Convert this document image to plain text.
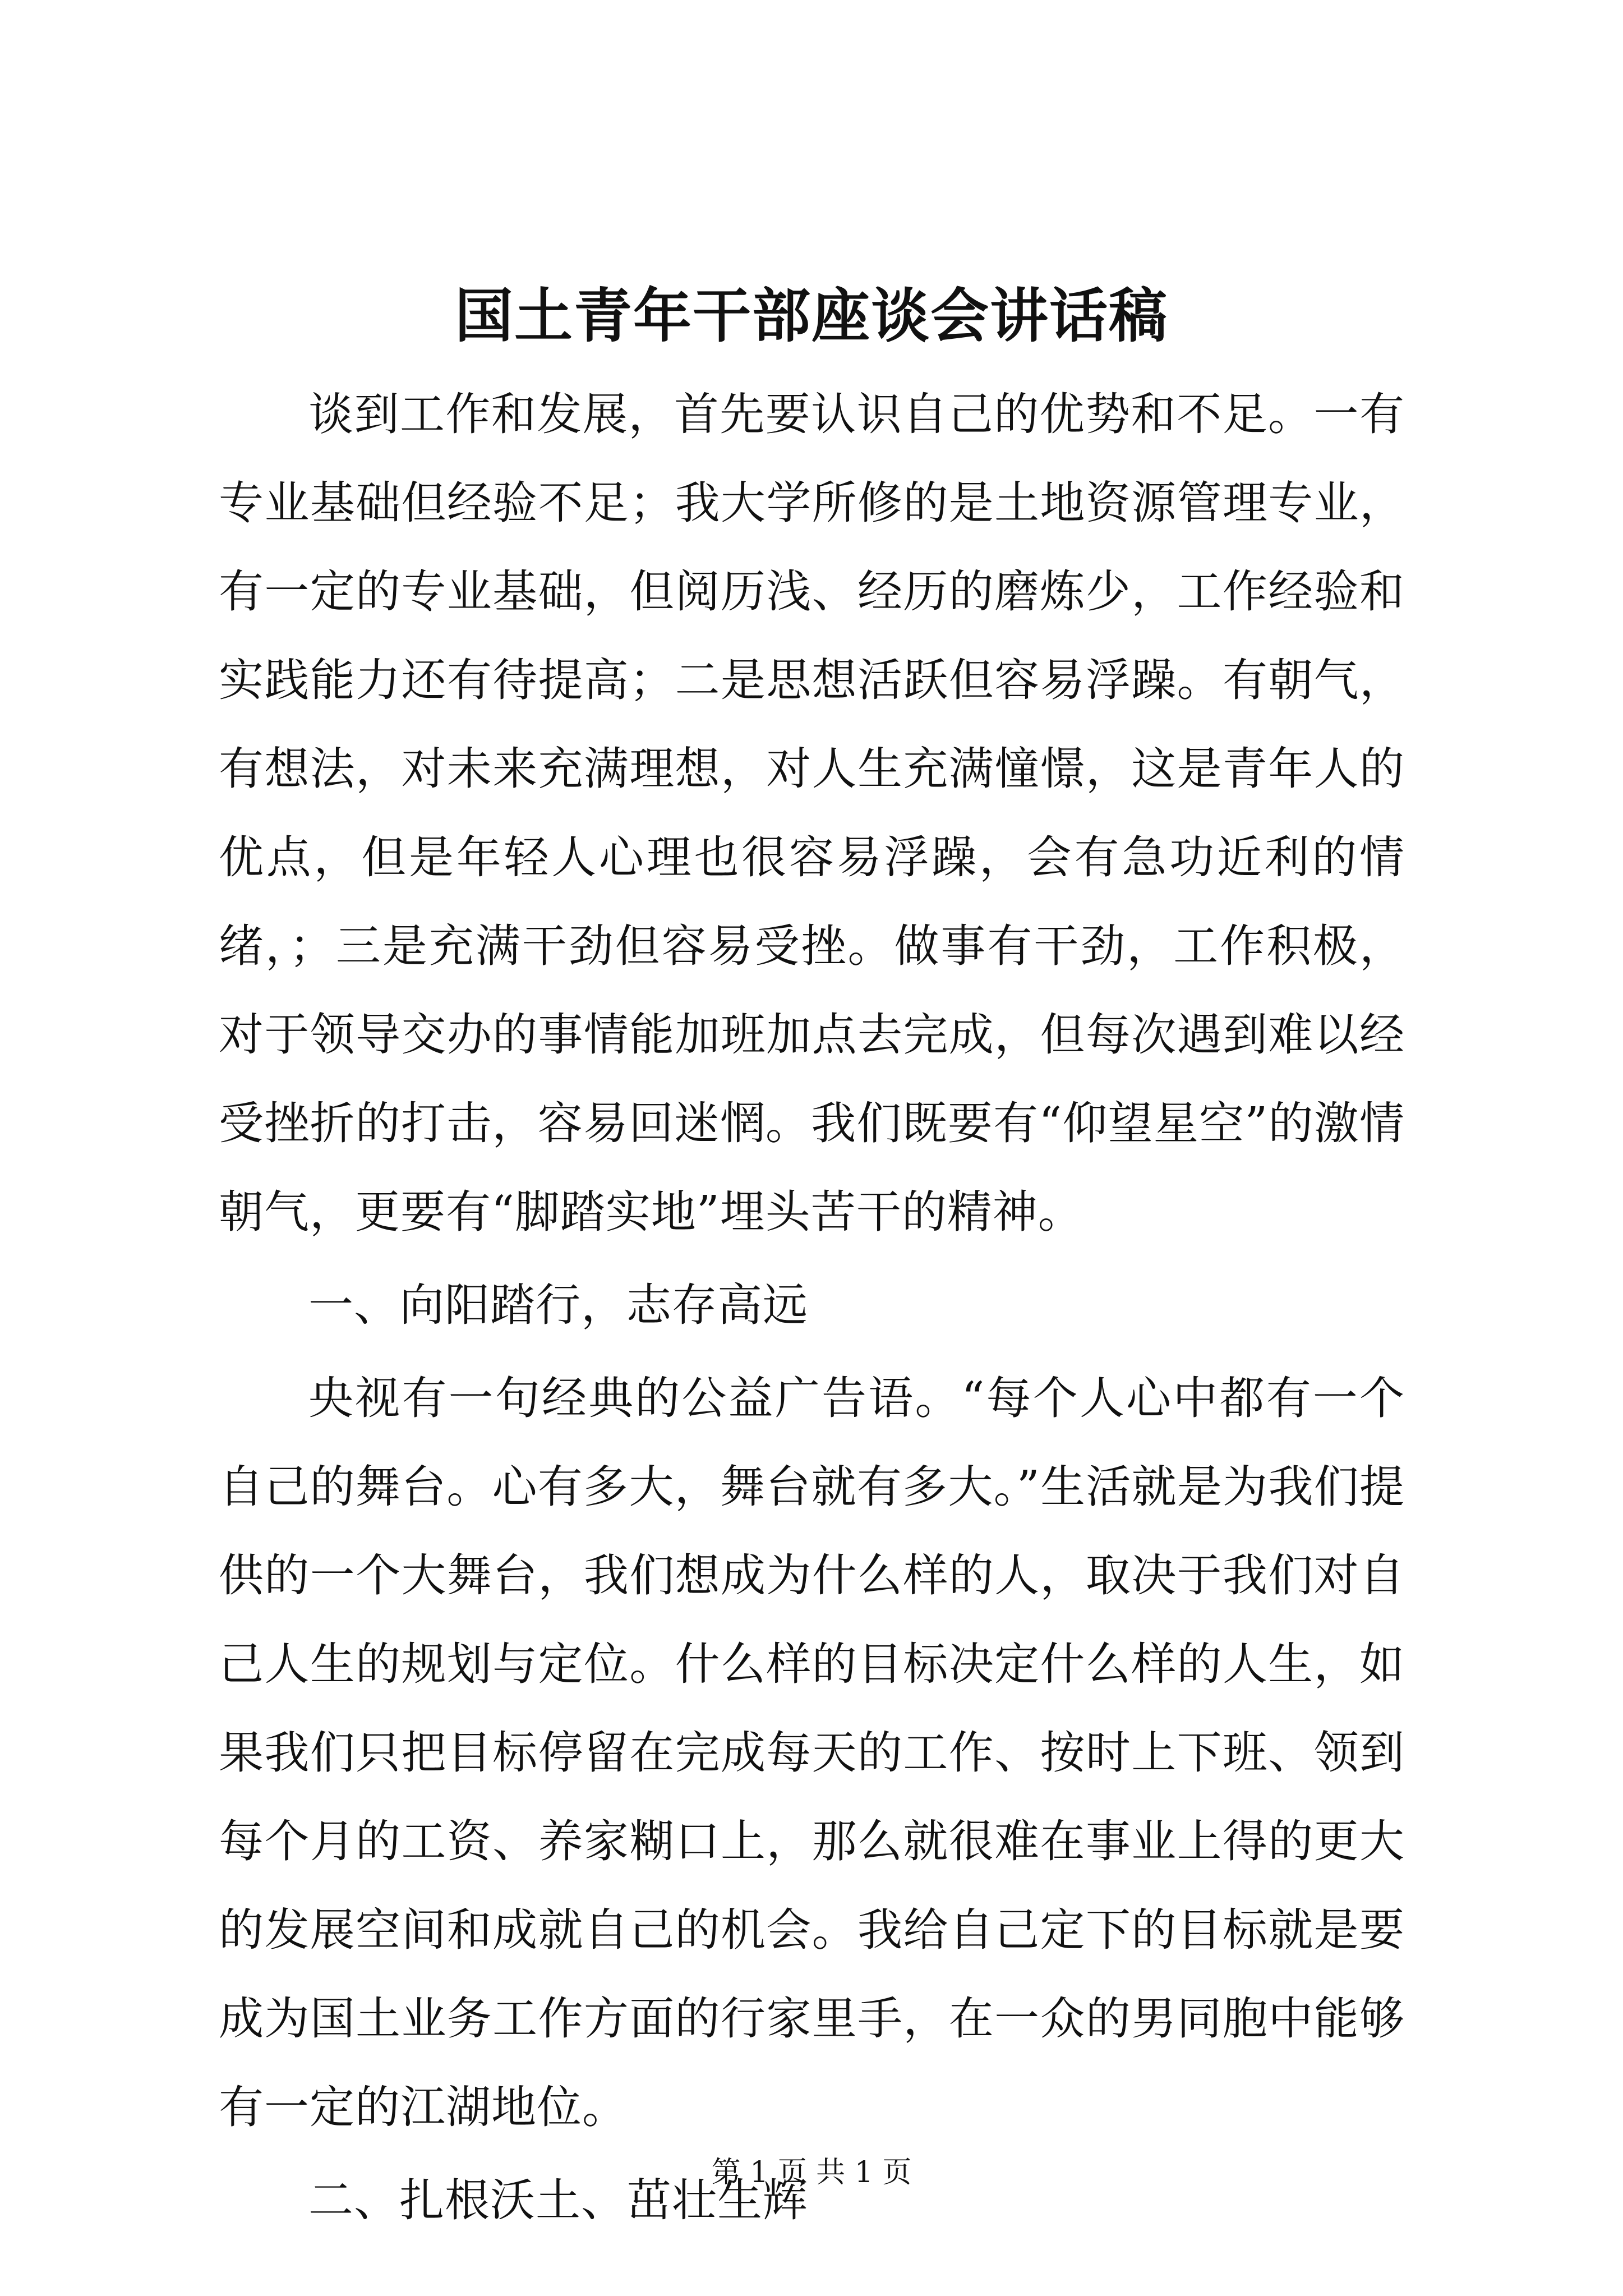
国土青年干部座谈会讲话稿

谈到工作和发展，首先要认识自己的优势和不足。一有专业基础但经验不足；我大学所修的是土地资源管理专业，有一定的专业基础，但阅历浅、经历的磨炼少，工作经验和实践能力还有待提高；二是思想活跃但容易浮躁。有朝气，有想法，对未来充满理想，对人生充满憧憬，这是青年人的优点，但是年轻人心理也很容易浮躁，会有急功近利的情绪，；三是充满干劲但容易受挫。做事有干劲，工作积极，对于领导交办的事情能加班加点去完成，但每次遇到难以经受挫折的打击，容易回迷惘。我们既要有“仰望星空”的激情朝气，更要有“脚踏实地”埋头苦干的精神。

一、向阳踏行，志存高远

央视有一句经典的公益广告语。“每个人心中都有一个自己的舞台。心有多大，舞台就有多大。”生活就是为我们提供的一个大舞台，我们想成为什么样的人，取决于我们对自己人生的规划与定位。什么样的目标决定什么样的人生，如果我们只把目标停留在完成每天的工作、按时上下班、领到每个月的工资、养家糊口上，那么就很难在事业上得的更大的发展空间和成就自己的机会。我给自己定下的目标就是要成为国土业务工作方面的行家里手，在一众的男同胞中能够有一定的江湖地位。

二、扎根沃土、茁壮生辉

第 1 页 共 1 页
